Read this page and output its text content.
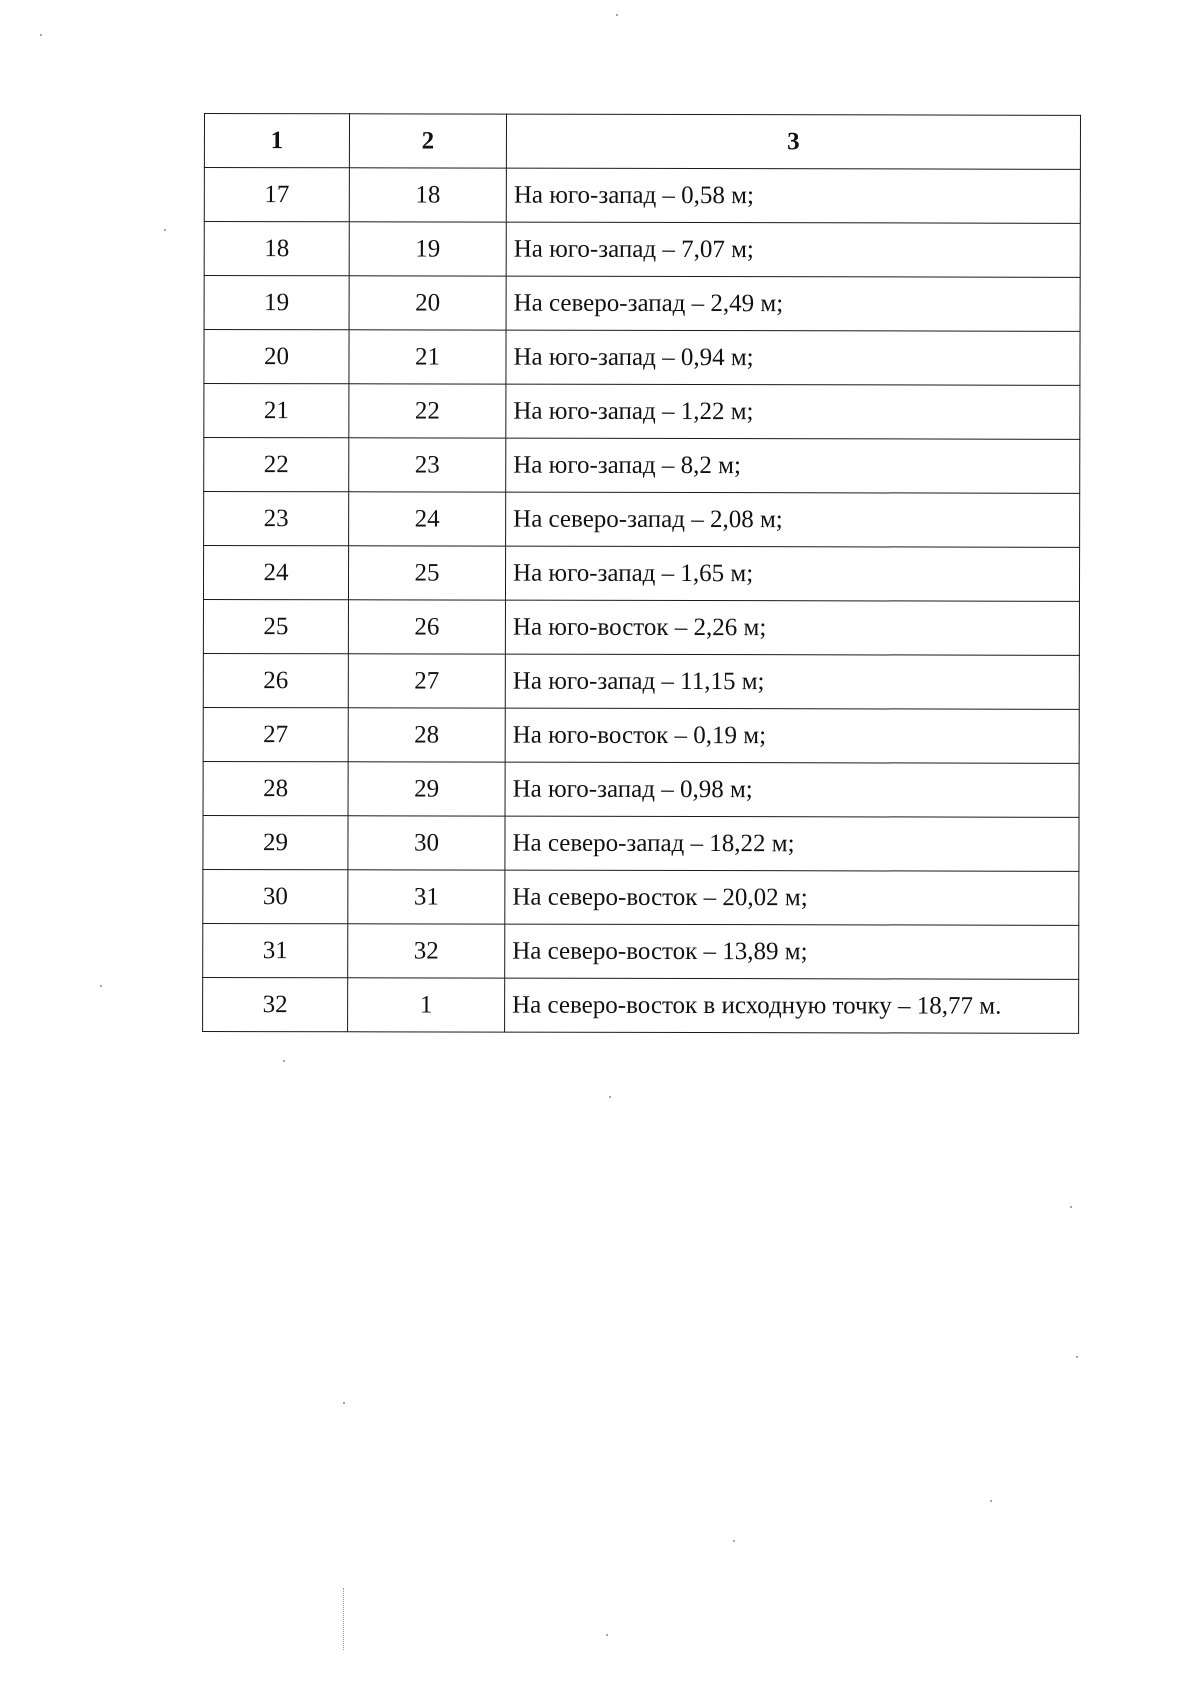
1	2	3
17	18	На юго-запад – 0,58 м;
18	19	На юго-запад – 7,07 м;
19	20	На северо-запад – 2,49 м;
20	21	На юго-запад – 0,94 м;
21	22	На юго-запад – 1,22 м;
22	23	На юго-запад – 8,2 м;
23	24	На северо-запад – 2,08 м;
24	25	На юго-запад – 1,65 м;
25	26	На юго-восток – 2,26 м;
26	27	На юго-запад – 11,15 м;
27	28	На юго-восток – 0,19 м;
28	29	На юго-запад – 0,98 м;
29	30	На северо-запад – 18,22 м;
30	31	На северо-восток – 20,02 м;
31	32	На северо-восток – 13,89 м;
32	1	На северо-восток в исходную точку – 18,77 м.
